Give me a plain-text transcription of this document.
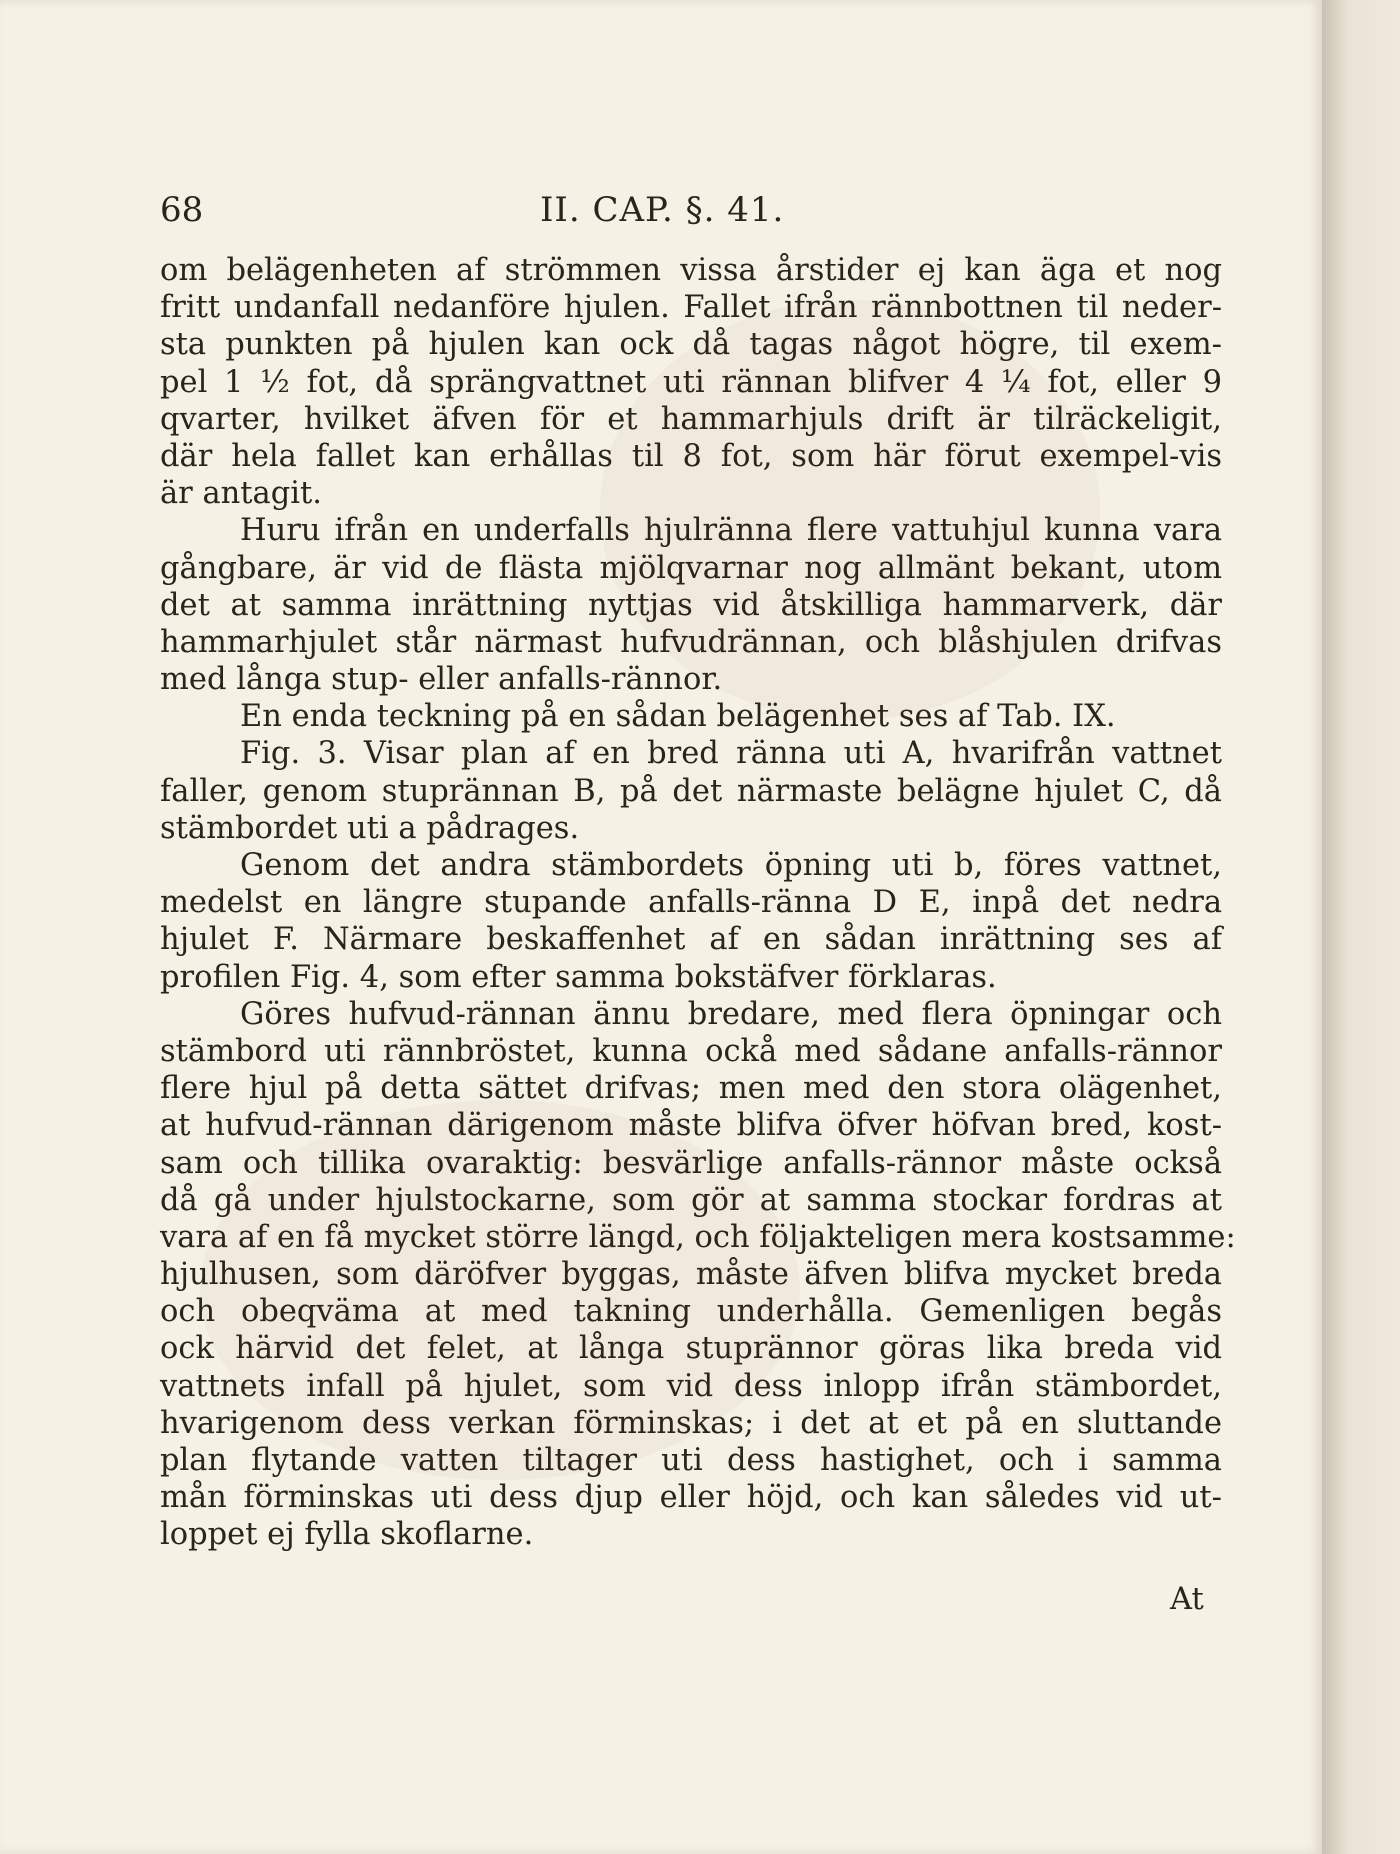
68	II. CAP. §. 41.
om belägenheten af strömmen vissa årstider ej kan äga et nog
fritt undanfall nedanföre hjulen. Fallet ifrån rännbottnen til neder-
sta punkten på hjulen kan ock då tagas något högre, til exem-
pel 1 ½ fot, då sprängvattnet uti rännan blifver 4 ¼ fot, eller 9
qvarter, hvilket äfven för et hammarhjuls drift är tilräckeligit,
där hela fallet kan erhållas til 8 fot, som här förut exempel-vis
är antagit.
Huru ifrån en underfalls hjulränna flere vattuhjul kunna vara
gångbare, är vid de flästa mjölqvarnar nog allmänt bekant, utom
det at samma inrättning nyttjas vid åtskilliga hammarverk, där
hammarhjulet står närmast hufvudrännan, och blåshjulen drifvas
med långa stup- eller anfalls-rännor.
En enda teckning på en sådan belägenhet ses af Tab. IX.
Fig. 3. Visar plan af en bred ränna uti A, hvarifrån vattnet
faller, genom stuprännan B, på det närmaste belägne hjulet C, då
stämbordet uti a pådrages.
Genom det andra stämbordets öpning uti b, föres vattnet,
medelst en längre stupande anfalls-ränna D E, inpå det nedra
hjulet F. Närmare beskaffenhet af en sådan inrättning ses af
profilen Fig. 4, som efter samma bokstäfver förklaras.
Göres hufvud-rännan ännu bredare, med flera öpningar och
stämbord uti rännbröstet, kunna ockå med sådane anfalls-rännor
flere hjul på detta sättet drifvas; men med den stora olägenhet,
at hufvud-rännan därigenom måste blifva öfver höfvan bred, kost-
sam och tillika ovaraktig: besvärlige anfalls-rännor måste också
då gå under hjulstockarne, som gör at samma stockar fordras at
vara af en få mycket större längd, och följakteligen mera kostsamme:
hjulhusen, som däröfver byggas, måste äfven blifva mycket breda
och obeqväma at med takning underhålla. Gemenligen begås
ock härvid det felet, at långa stuprännor göras lika breda vid
vattnets infall på hjulet, som vid dess inlopp ifrån stämbordet,
hvarigenom dess verkan förminskas; i det at et på en sluttande
plan flytande vatten tiltager uti dess hastighet, och i samma
mån förminskas uti dess djup eller höjd, och kan således vid ut-
loppet ej fylla skoflarne.
At
